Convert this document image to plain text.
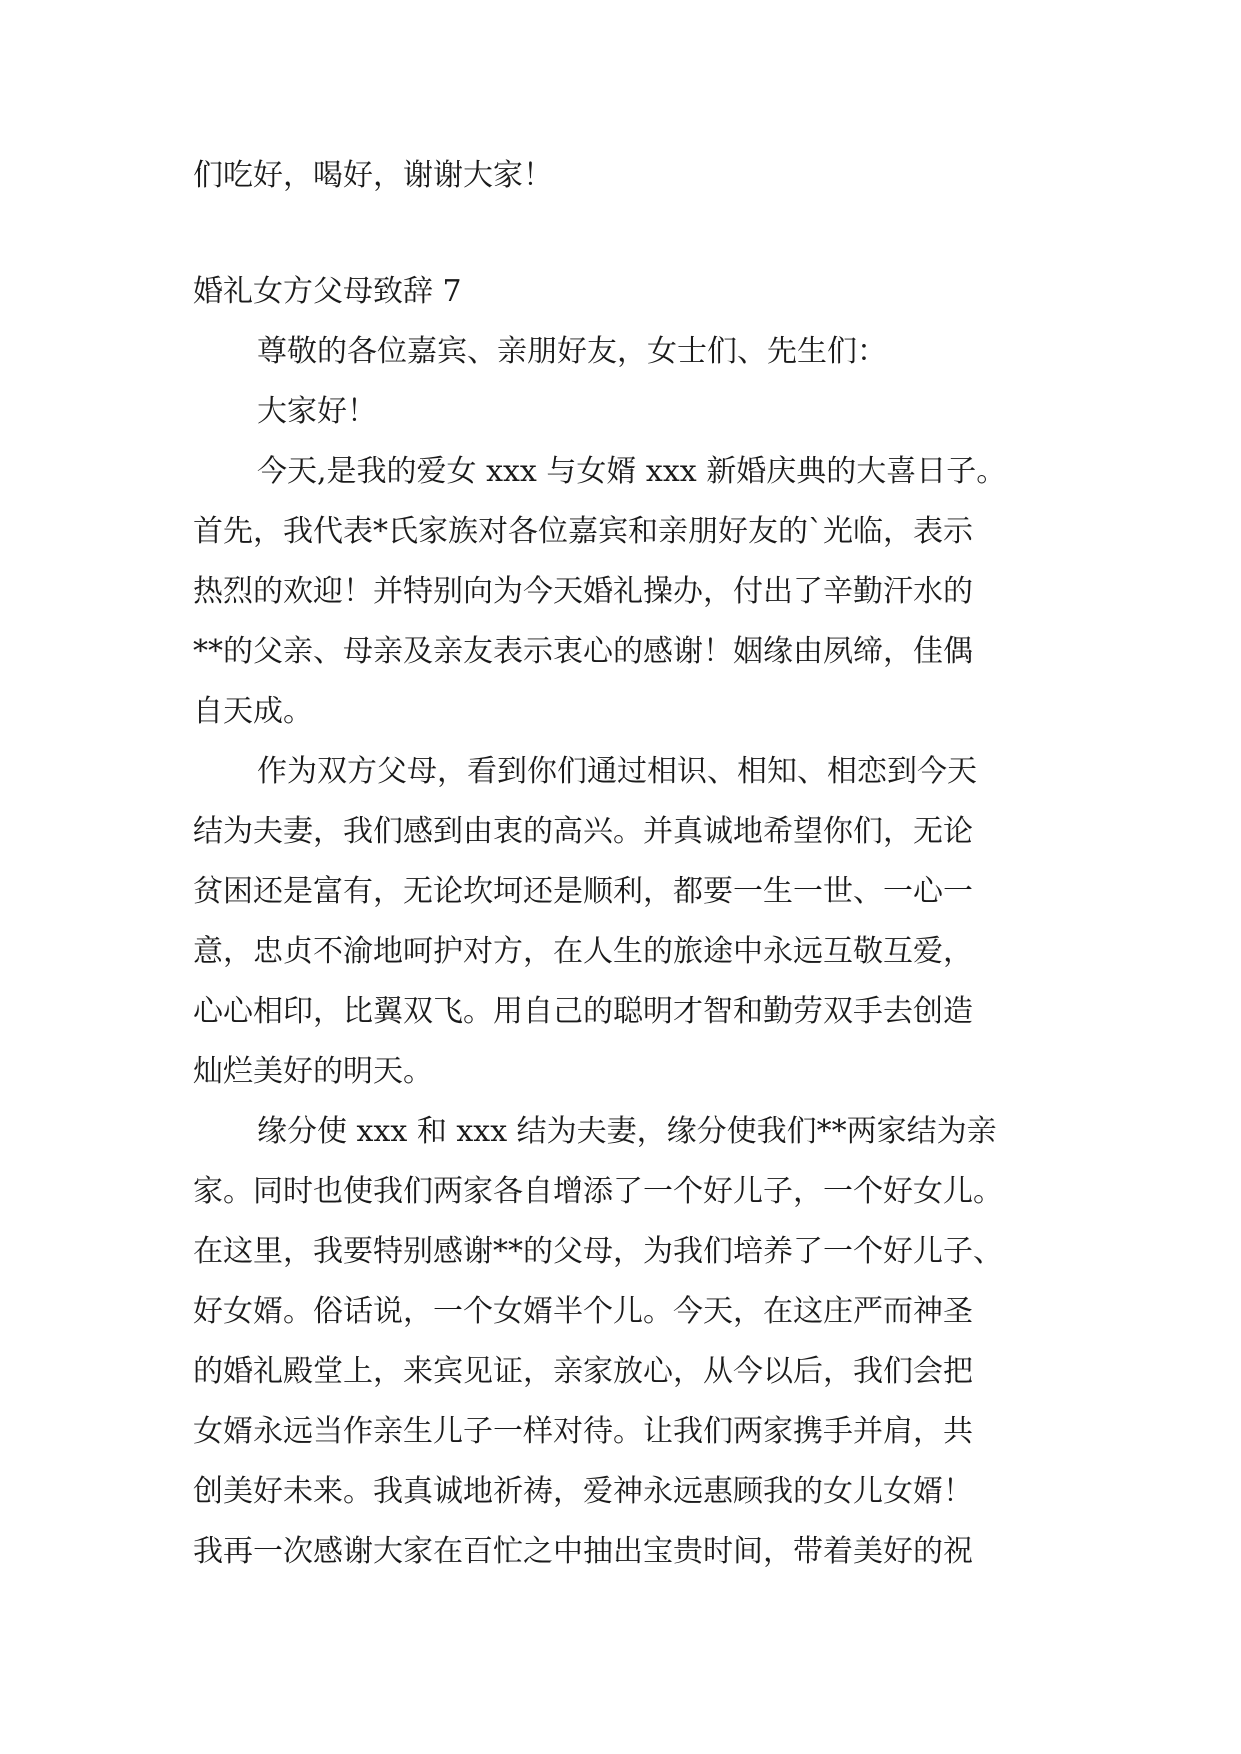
们吃好，喝好，谢谢大家！
婚礼女方父母致辞 7
尊敬的各位嘉宾、亲朋好友，女士们、先生们：
大家好！
今天,是我的爱女 xxx 与女婿 xxx 新婚庆典的大喜日子。
首先，我代表*氏家族对各位嘉宾和亲朋好友的`光临，表示
热烈的欢迎！并特别向为今天婚礼操办，付出了辛勤汗水的
**的父亲、母亲及亲友表示衷心的感谢！姻缘由夙缔，佳偶
自天成。
作为双方父母，看到你们通过相识、相知、相恋到今天
结为夫妻，我们感到由衷的高兴。并真诚地希望你们，无论
贫困还是富有，无论坎坷还是顺利，都要一生一世、一心一
意，忠贞不渝地呵护对方，在人生的旅途中永远互敬互爱，
心心相印，比翼双飞。用自己的聪明才智和勤劳双手去创造
灿烂美好的明天。
缘分使 xxx 和 xxx 结为夫妻，缘分使我们**两家结为亲
家。同时也使我们两家各自增添了一个好儿子，一个好女儿。
在这里，我要特别感谢**的父母，为我们培养了一个好儿子、
好女婿。俗话说，一个女婿半个儿。今天，在这庄严而神圣
的婚礼殿堂上，来宾见证，亲家放心，从今以后，我们会把
女婿永远当作亲生儿子一样对待。让我们两家携手并肩，共
创美好未来。我真诚地祈祷，爱神永远惠顾我的女儿女婿！
我再一次感谢大家在百忙之中抽出宝贵时间，带着美好的祝
